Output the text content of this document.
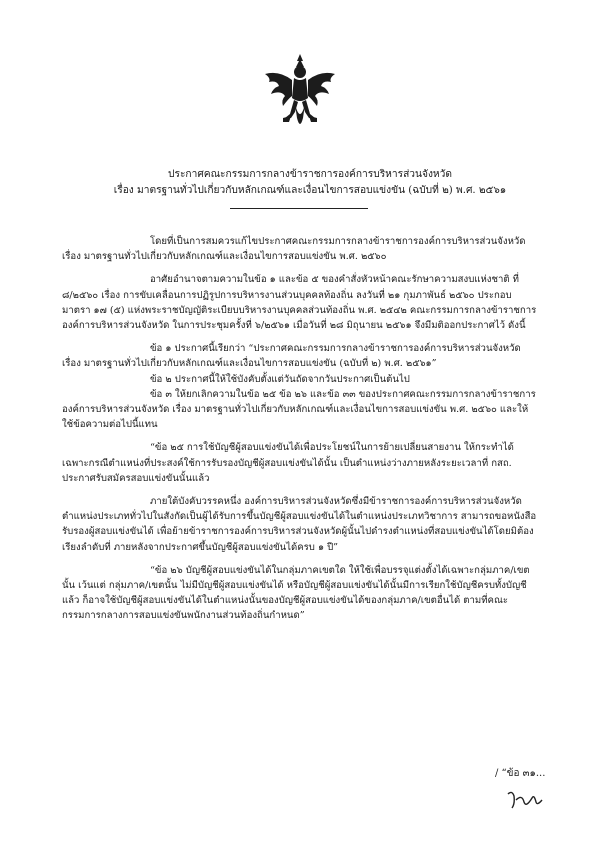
ประกาศคณะกรรมการกลางข้าราชการองค์การบริหารส่วนจังหวัด
เรื่อง มาตรฐานทั่วไปเกี่ยวกับหลักเกณฑ์และเงื่อนไขการสอบแข่งขัน (ฉบับที่ ๒) พ.ศ. ๒๕๖๑

โดยที่เป็นการสมควรแก้ไขประกาศคณะกรรมการกลางข้าราชการองค์การบริหารส่วนจังหวัด เรื่อง มาตรฐานทั่วไปเกี่ยวกับหลักเกณฑ์และเงื่อนไขการสอบแข่งขัน พ.ศ. ๒๕๖๐

อาศัยอำนาจตามความในข้อ ๑ และข้อ ๕ ของคำสั่งหัวหน้าคณะรักษาความสงบแห่งชาติ ที่ ๘/๒๕๖๐ เรื่อง การขับเคลื่อนการปฏิรูปการบริหารงานส่วนบุคคลท้องถิ่น ลงวันที่ ๒๑ กุมภาพันธ์ ๒๕๖๐ ประกอบมาตรา ๑๗ (๕) แห่งพระราชบัญญัติระเบียบบริหารงานบุคคลส่วนท้องถิ่น พ.ศ. ๒๕๔๒ คณะกรรมการกลางข้าราชการองค์การบริหารส่วนจังหวัด ในการประชุมครั้งที่ ๖/๒๕๖๑ เมื่อวันที่ ๒๘ มิถุนายน ๒๕๖๑ จึงมีมติออกประกาศไว้ ดังนี้

ข้อ ๑ ประกาศนี้เรียกว่า “ประกาศคณะกรรมการกลางข้าราชการองค์การบริหารส่วนจังหวัด เรื่อง มาตรฐานทั่วไปเกี่ยวกับหลักเกณฑ์และเงื่อนไขการสอบแข่งขัน (ฉบับที่ ๒) พ.ศ. ๒๕๖๑”

ข้อ ๒ ประกาศนี้ให้ใช้บังคับตั้งแต่วันถัดจากวันประกาศเป็นต้นไป

ข้อ ๓ ให้ยกเลิกความในข้อ ๒๕ ข้อ ๒๖ และข้อ ๓๓ ของประกาศคณะกรรมการกลางข้าราชการองค์การบริหารส่วนจังหวัด เรื่อง มาตรฐานทั่วไปเกี่ยวกับหลักเกณฑ์และเงื่อนไขการสอบแข่งขัน พ.ศ. ๒๕๖๐ และให้ใช้ข้อความต่อไปนี้แทน

“ข้อ ๒๕ การใช้บัญชีผู้สอบแข่งขันได้เพื่อประโยชน์ในการย้ายเปลี่ยนสายงาน ให้กระทำได้เฉพาะกรณีตำแหน่งที่ประสงค์ใช้การรับรองบัญชีผู้สอบแข่งขันได้นั้น เป็นตำแหน่งว่างภายหลังระยะเวลาที่ กสถ. ประกาศรับสมัครสอบแข่งขันนั้นแล้ว

ภายใต้บังคับวรรคหนึ่ง องค์การบริหารส่วนจังหวัดซึ่งมีข้าราชการองค์การบริหารส่วนจังหวัดตำแหน่งประเภททั่วไปในสังกัดเป็นผู้ได้รับการขึ้นบัญชีผู้สอบแข่งขันได้ในตำแหน่งประเภทวิชาการ สามารถขอหนังสือรับรองผู้สอบแข่งขันได้ เพื่อย้ายข้าราชการองค์การบริหารส่วนจังหวัดผู้นั้นไปดำรงตำแหน่งที่สอบแข่งขันได้โดยมิต้องเรียงลำดับที่ ภายหลังจากประกาศขึ้นบัญชีผู้สอบแข่งขันได้ครบ ๑ ปี”

“ข้อ ๒๖ บัญชีผู้สอบแข่งขันได้ในกลุ่มภาคเขตใด ให้ใช้เพื่อบรรจุแต่งตั้งได้เฉพาะกลุ่มภาค/เขตนั้น เว้นแต่ กลุ่มภาค/เขตนั้น ไม่มีบัญชีผู้สอบแข่งขันได้ หรือบัญชีผู้สอบแข่งขันได้นั้นมีการเรียกใช้บัญชีครบทั้งบัญชีแล้ว ก็อาจใช้บัญชีผู้สอบแข่งขันได้ในตำแหน่งนั้นของบัญชีผู้สอบแข่งขันได้ของกลุ่มภาค/เขตอื่นได้ ตามที่คณะกรรมการกลางการสอบแข่งขันพนักงานส่วนท้องถิ่นกำหนด”

/ “ข้อ ๓๑...
